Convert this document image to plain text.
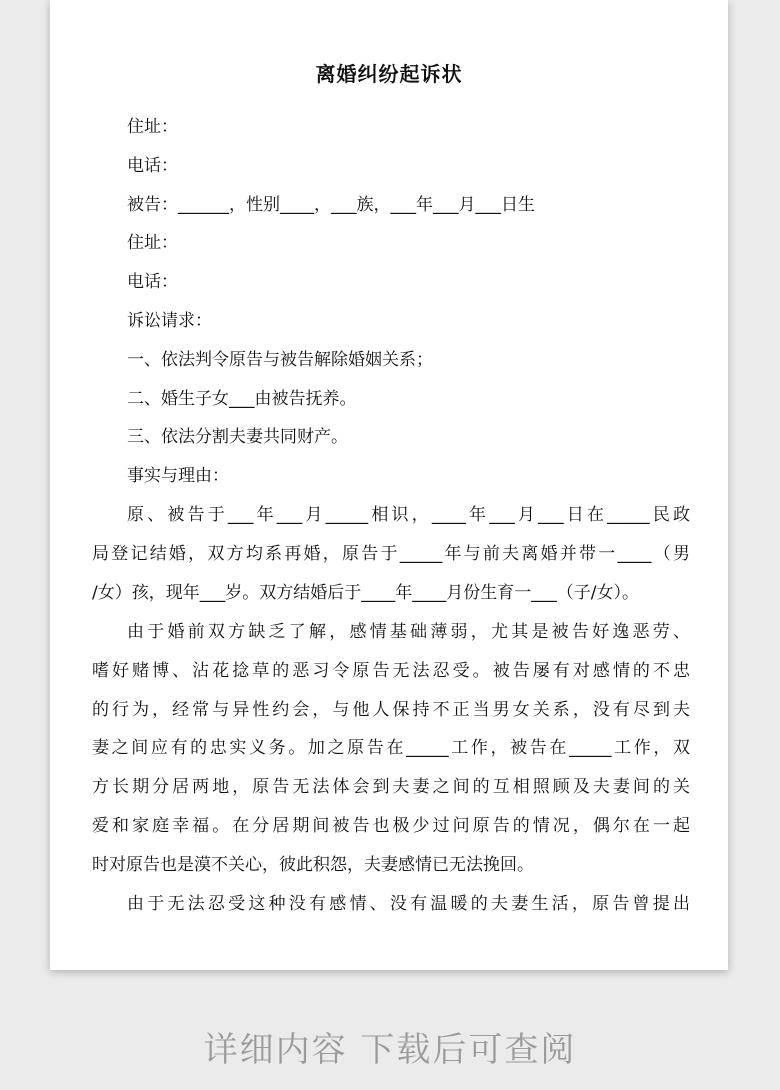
离婚纠纷起诉状
住址：
电话：
被告：______，性别____，___族，___年___月___日生
住址：
电话：
诉讼请求：
一、依法判令原告与被告解除婚姻关系；
二、婚生子女___由被告抚养。
三、依法分割夫妻共同财产。
事实与理由：
原、被告于___年___月_____相识，____年___月___日在_____民政
局登记结婚，双方均系再婚，原告于_____年与前夫离婚并带一____（男
/女）孩，现年___岁。双方结婚后于____年____月份生育一___（子/女）。
由于婚前双方缺乏了解，感情基础薄弱，尤其是被告好逸恶劳、
嗜好赌博、沾花捻草的恶习令原告无法忍受。被告屡有对感情的不忠
的行为，经常与异性约会，与他人保持不正当男女关系，没有尽到夫
妻之间应有的忠实义务。加之原告在_____工作，被告在_____工作，双
方长期分居两地，原告无法体会到夫妻之间的互相照顾及夫妻间的关
爱和家庭幸福。在分居期间被告也极少过问原告的情况，偶尔在一起
时对原告也是漠不关心，彼此积怨，夫妻感情已无法挽回。
由于无法忍受这种没有感情、没有温暖的夫妻生活，原告曾提出
详细内容 下载后可查阅
